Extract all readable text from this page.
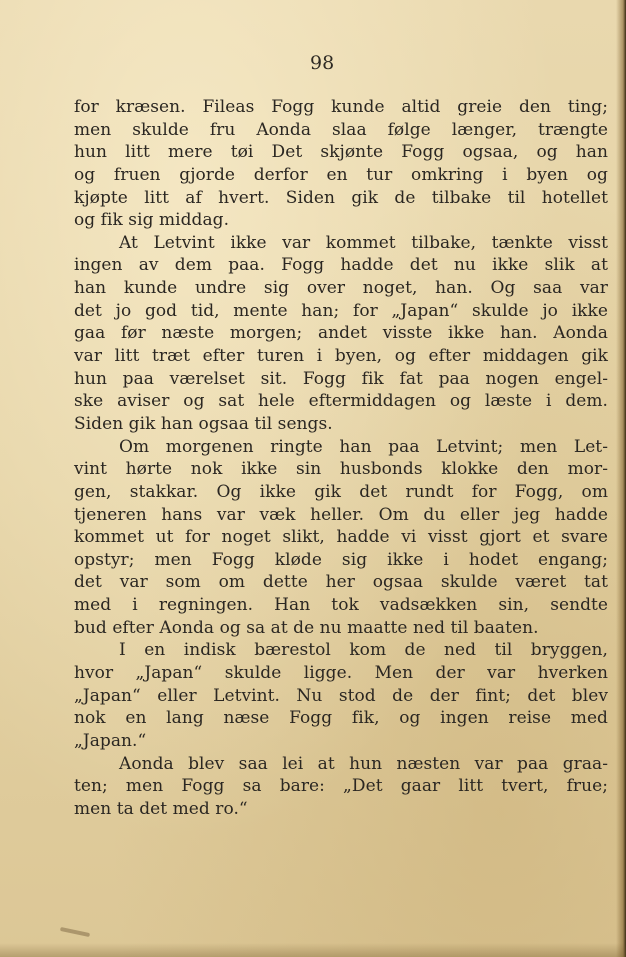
98
for kræsen. Fileas Fogg kunde altid greie den ting;
men skulde fru Aonda slaa følge længer, trængte
hun litt mere tøi Det skjønte Fogg ogsaa, og han
og fruen gjorde derfor en tur omkring i byen og
kjøpte litt af hvert. Siden gik de tilbake til hotellet
og fik sig middag.
At Letvint ikke var kommet tilbake, tænkte visst
ingen av dem paa. Fogg hadde det nu ikke slik at
han kunde undre sig over noget, han. Og saa var
det jo god tid, mente han; for „Japan“ skulde jo ikke
gaa før næste morgen; andet visste ikke han. Aonda
var litt træt efter turen i byen, og efter middagen gik
hun paa værelset sit. Fogg fik fat paa nogen engel-
ske aviser og sat hele eftermiddagen og læste i dem.
Siden gik han ogsaa til sengs.
Om morgenen ringte han paa Letvint; men Let-
vint hørte nok ikke sin husbonds klokke den mor-
gen, stakkar. Og ikke gik det rundt for Fogg, om
tjeneren hans var væk heller. Om du eller jeg hadde
kommet ut for noget slikt, hadde vi visst gjort et svare
opstyr; men Fogg kløde sig ikke i hodet engang;
det var som om dette her ogsaa skulde været tat
med i regningen. Han tok vadsækken sin, sendte
bud efter Aonda og sa at de nu maatte ned til baaten.
I en indisk bærestol kom de ned til bryggen,
hvor „Japan“ skulde ligge. Men der var hverken
„Japan“ eller Letvint. Nu stod de der fint; det blev
nok en lang næse Fogg fik, og ingen reise med
„Japan.“
Aonda blev saa lei at hun næsten var paa graa-
ten; men Fogg sa bare: „Det gaar litt tvert, frue;
men ta det med ro.“
